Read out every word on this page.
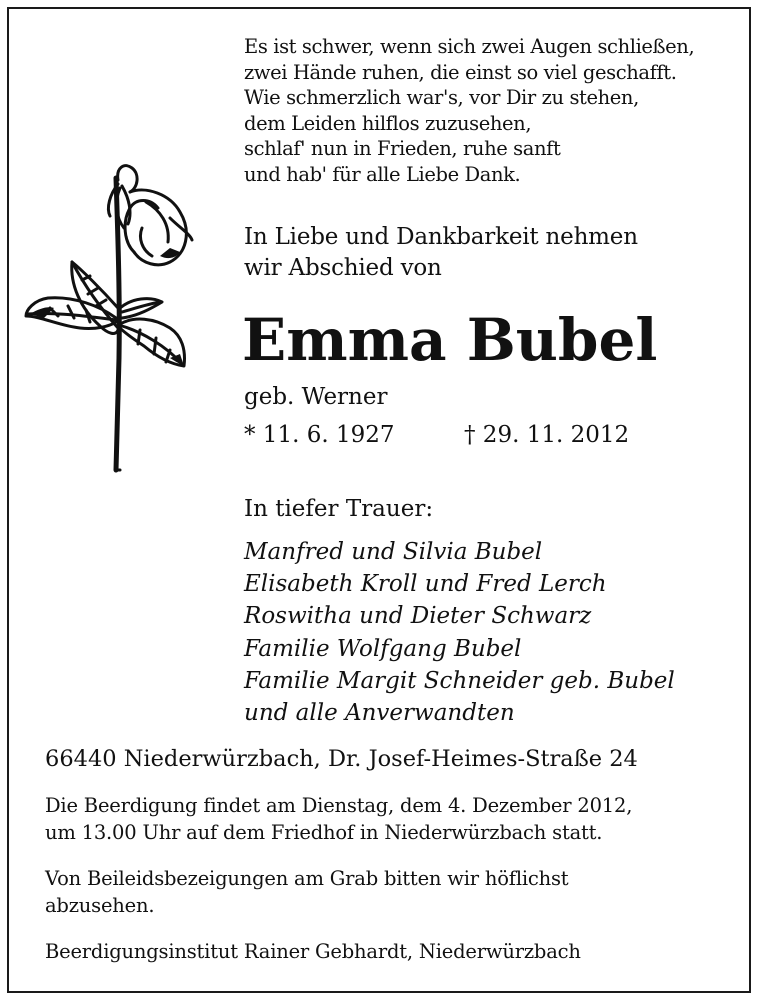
Es ist schwer, wenn sich zwei Augen schließen,
zwei Hände ruhen, die einst so viel geschafft.
Wie schmerzlich war's, vor Dir zu stehen,
dem Leiden hilflos zuzusehen,
schlaf' nun in Frieden, ruhe sanft
und hab' für alle Liebe Dank.
In Liebe und Dankbarkeit nehmen
wir Abschied von
Emma Bubel
geb. Werner
* 11. 6. 1927	† 29. 11. 2012
In tiefer Trauer:
Manfred und Silvia Bubel
Elisabeth Kroll und Fred Lerch
Roswitha und Dieter Schwarz
Familie Wolfgang Bubel
Familie Margit Schneider geb. Bubel
und alle Anverwandten
66440 Niederwürzbach, Dr. Josef-Heimes-Straße 24
Die Beerdigung findet am Dienstag, dem 4. Dezember 2012,
um 13.00 Uhr auf dem Friedhof in Niederwürzbach statt.
Von Beileidsbezeigungen am Grab bitten wir höflichst
abzusehen.
Beerdigungsinstitut Rainer Gebhardt, Niederwürzbach
